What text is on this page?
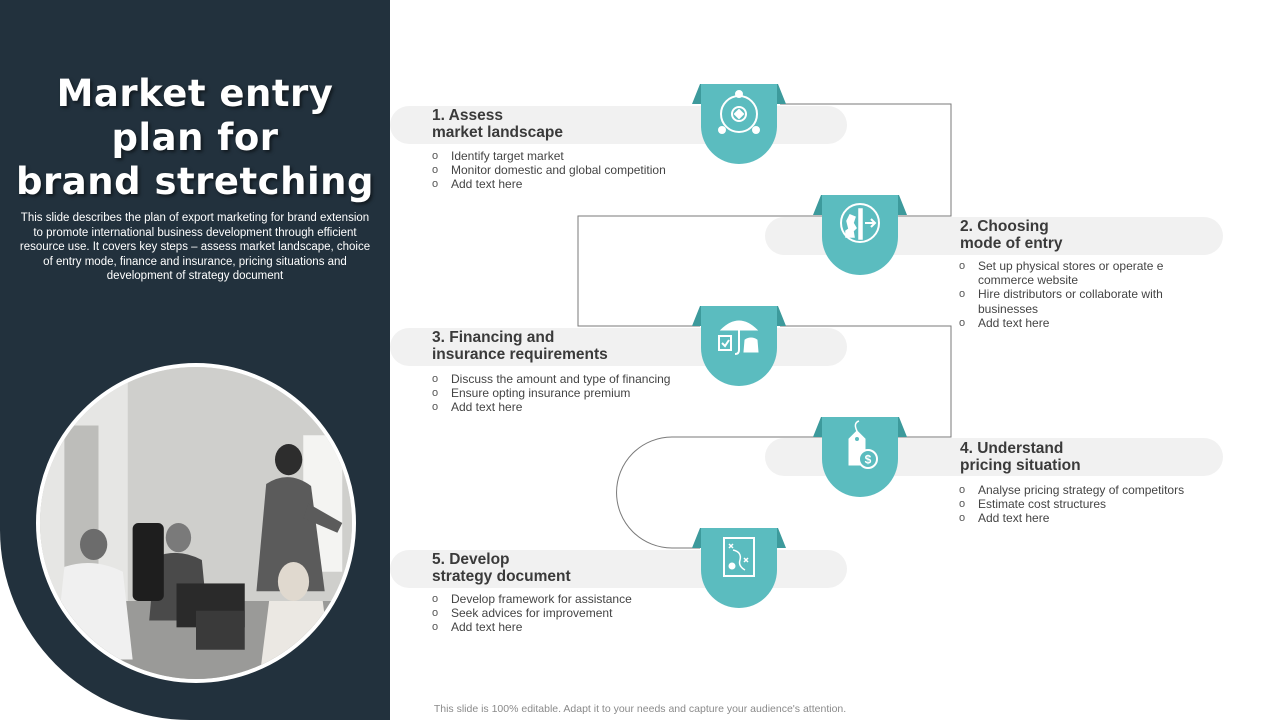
Market entry
plan for
brand stretching
This slide describes the plan of export marketing for brand extension to promote international business development through efficient resource use. It covers key steps – assess market landscape, choice of entry mode, finance and insurance, pricing situations and development of strategy document
1. Assess
market landscape
o Identify target market
o Monitor domestic and global competition
o Add text here
2. Choosing
mode of entry
o Set up physical stores or operate e
commerce website
o Hire distributors or collaborate with
businesses
o Add text here
3. Financing and
insurance requirements
o Discuss the amount and type of financing
o Ensure opting insurance premium
o Add text here
4. Understand
pricing situation
o Analyse pricing strategy of competitors
o Estimate cost structures
o Add text here
$
5. Develop
strategy document
o Develop framework for assistance
o Seek advices for improvement
o Add text here
This slide is 100% editable. Adapt it to your needs and capture your audience's attention.
